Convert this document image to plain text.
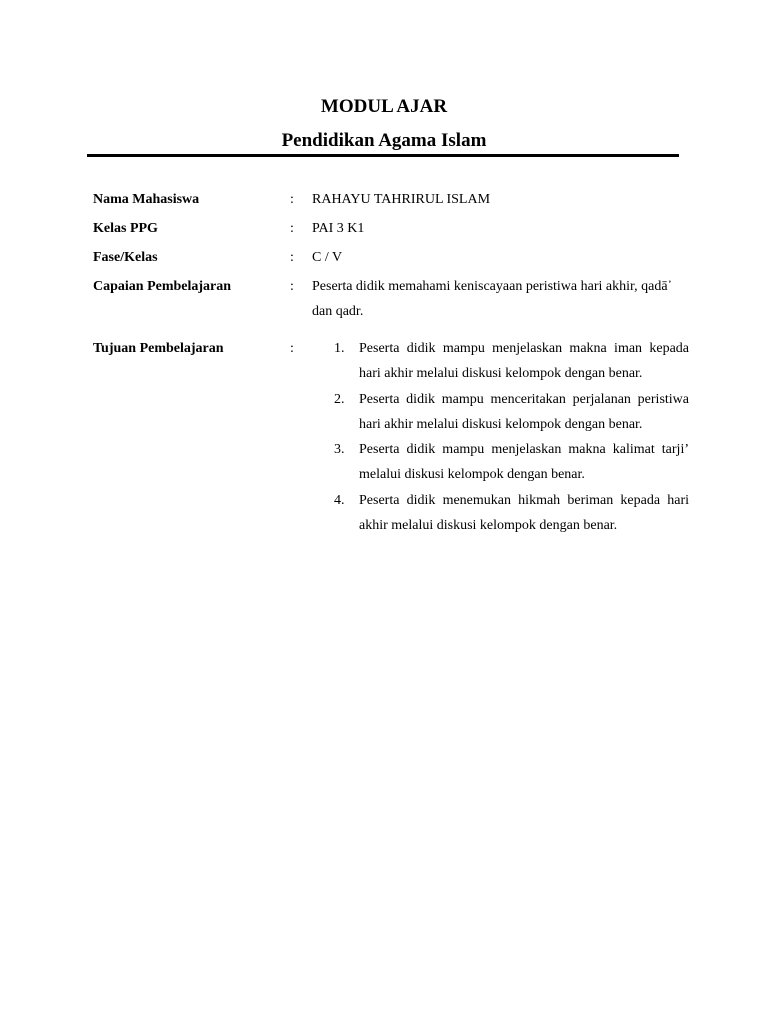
MODUL AJAR
Pendidikan Agama Islam
Nama Mahasiswa	: RAHAYU TAHRIRUL ISLAM
Kelas PPG	: PAI 3 K1
Fase/Kelas	: C / V
Capaian Pembelajaran	: Peserta didik memahami keniscayaan peristiwa hari akhir, qadā᾽ dan qadr.
Tujuan Pembelajaran	:	1. Peserta didik mampu menjelaskan makna iman kepada hari akhir melalui diskusi kelompok dengan benar.
2. Peserta didik mampu menceritakan perjalanan peristiwa hari akhir melalui diskusi kelompok dengan benar.
3. Peserta didik mampu menjelaskan makna kalimat tarji’ melalui diskusi kelompok dengan benar.
4. Peserta didik menemukan hikmah beriman kepada hari akhir melalui diskusi kelompok dengan benar.
